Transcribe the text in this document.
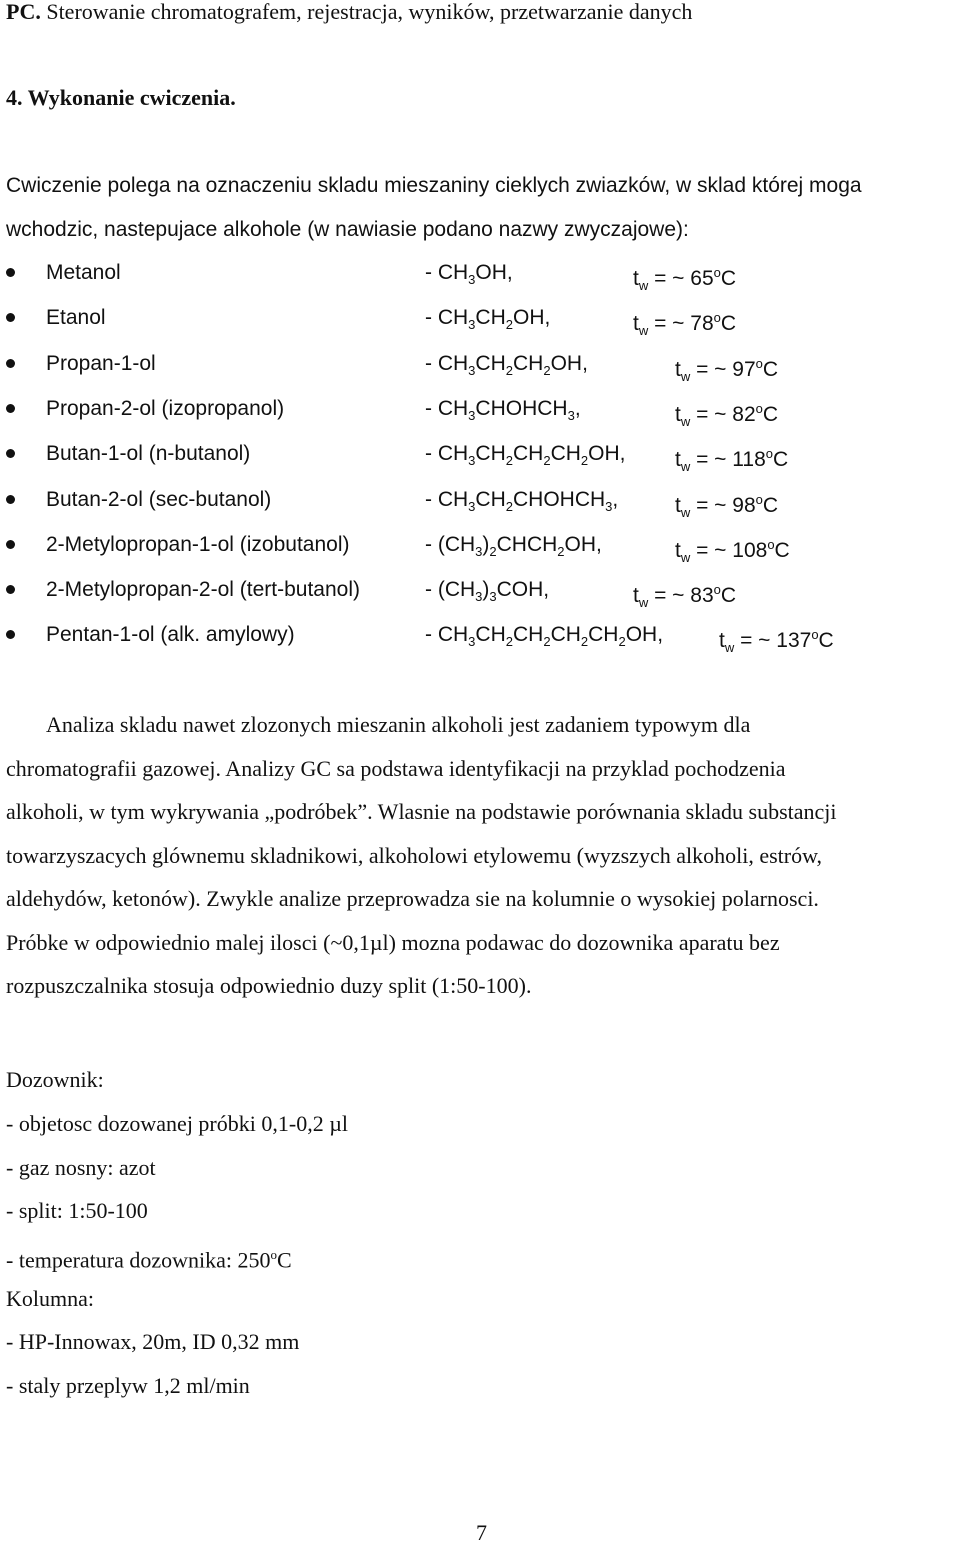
PC. Sterowanie chromatografem, rejestracja, wyników, przetwarzanie danych
4. Wykonanie cwiczenia.
Cwiczenie polega na oznaczeniu skladu mieszaniny cieklych zwiazków, w sklad której moga
wchodzic, nastepujace alkohole (w nawiasie podano nazwy zwyczajowe):
Metanol	- $CH_3OH$,	$t_w$ = ~ 65$^o$C
Etanol	- $CH_3CH_2OH$,	$t_w$ = ~ 78$^o$C
Propan-1-ol	- $CH_3CH_2CH_2OH$,	$t_w$ = ~ 97$^o$C
Propan-2-ol (izopropanol)	- $CH_3CHOHCH_3$,	$t_w$ = ~ 82$^o$C
Butan-1-ol (n-butanol)	- $CH_3CH_2CH_2CH_2OH$, $t_w$ = ~ 118$^o$C
Butan-2-ol (sec-butanol)	- $CH_3CH_2CHOHCH_3$,	$t_w$ = ~ 98$^o$C
2-Metylopropan-1-ol (izobutanol)	- $(CH_3)_2CHCH_2OH$,	$t_w$ = ~ 108$^o$C
2-Metylopropan-2-ol (tert-butanol)	- $(CH_3)_3COH$,	$t_w$ = ~ 83$^o$C
Pentan-1-ol (alk. amylowy)	- $CH_3CH_2CH_2CH_2CH_2OH$,	$t_w$ = ~ 137$^o$C
Analiza skladu nawet zlozonych mieszanin alkoholi jest zadaniem typowym dla
chromatografii gazowej. Analizy GC sa podstawa identyfikacji na przyklad pochodzenia
alkoholi, w tym wykrywania „podróbek”. Wlasnie na podstawie porównania skladu substancji
towarzyszacych glównemu skladnikowi, alkoholowi etylowemu (wyzszych alkoholi, estrów,
aldehydów, ketonów). Zwykle analize przeprowadza sie na kolumnie o wysokiej polarnosci.
Próbke w odpowiednio malej ilosci (~0,1µl) mozna podawac do dozownika aparatu bez
rozpuszczalnika stosuja odpowiednio duzy split (1:50-100).
Dozownik:
- objetosc dozowanej próbki 0,1-0,2 µl
- gaz nosny: azot
- split: 1:50-100
- temperatura dozownika: 250$^o$C
Kolumna:
- HP-Innowax, 20m, ID 0,32 mm
- staly przeplyw 1,2 ml/min
7
